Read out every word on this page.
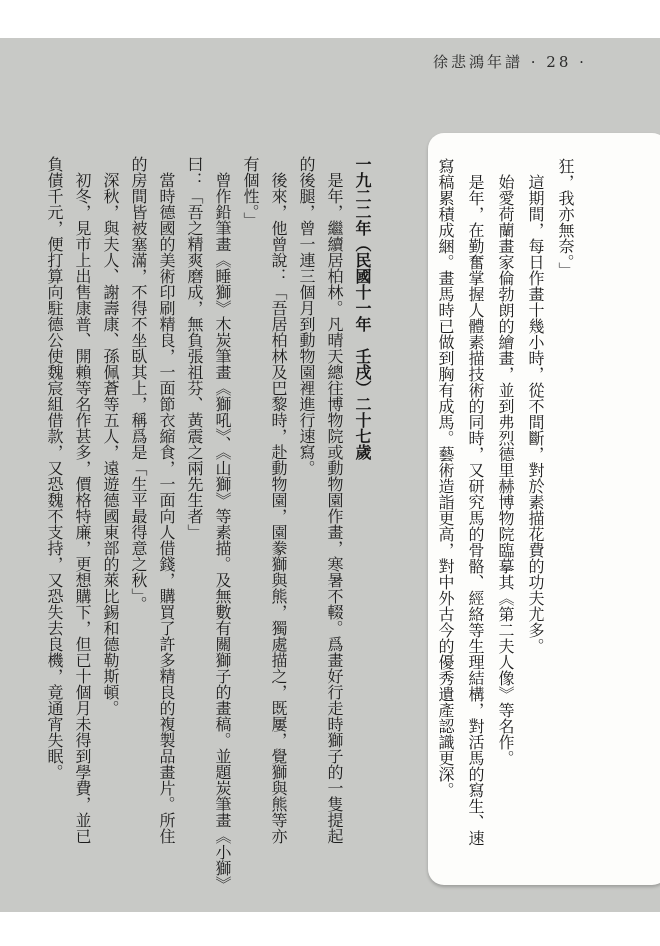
徐悲鴻年譜 · 28 ·

狂，我亦無奈。」

　這期間，每日作畫十幾小時，從不間斷，對於素描花費的功夫尤多。

　始愛荷蘭畫家倫勃朗的繪畫，並到弗烈德里赫博物院臨摹其《第二夫人像》等名作。

　是年，在勤奮掌握人體素描技術的同時，又研究馬的骨骼、經絡等生理結構，對活馬的寫生、速

寫稿累積成綑。畫馬時已做到胸有成馬。藝術造詣更高，對中外古今的優秀遺產認識更深。

一九二二年（民國十一年　壬戌）二十七歲

　是年，繼續居柏林。凡晴天總往博物院或動物園作畫，寒暑不輟。爲畫好行走時獅子的一隻提起

的後腿，曾一連三個月到動物園裡進行速寫。

　後來，他曾說：「吾居柏林及巴黎時，赴動物園，園豢獅與熊，獨處描之，既屢，覺獅與熊等亦

有個性。」

　曾作鉛筆畫《睡獅》木炭筆畫《獅吼》、《山獅》等素描。及無數有關獅子的畫稿。並題炭筆畫《小獅》

曰：「吾之精爽磨成，無負張祖芬、黃震之兩先生者」

　當時德國的美術印刷精良，一面節衣縮食，一面向人借錢，購買了許多精良的複製品畫片。所住

的房間皆被塞滿，不得不坐臥其上，稱爲是「生平最得意之秋」。

　深秋，與夫人、謝壽康、孫佩蒼等五人，遠遊德國東部的萊比錫和德勒斯頓。

　初冬，見市上出售康普、開賴等名作甚多，價格特廉，更想購下，但已十個月未得到學費，並已

負債千元，便打算向駐德公使魏宸組借款，又恐魏不支持，又恐失去良機，竟通宵失眠。
